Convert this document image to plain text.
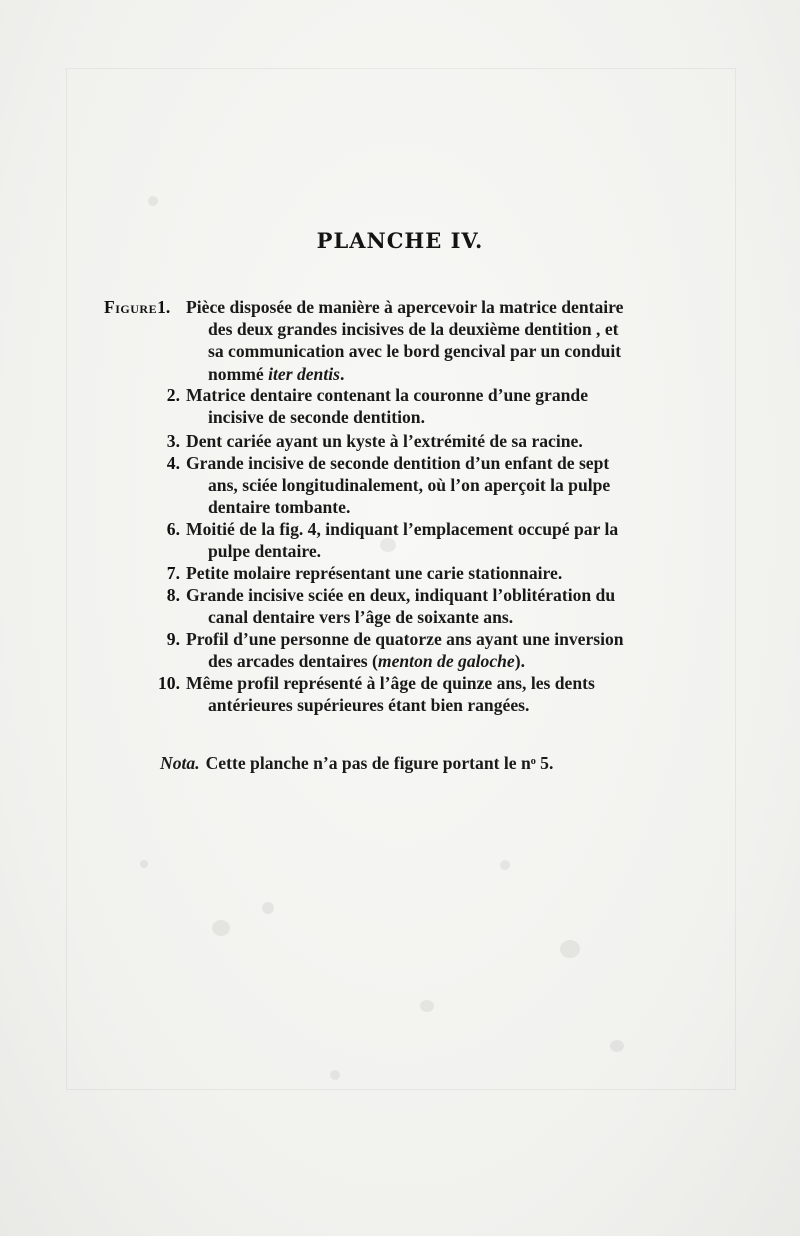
PLANCHE IV.
Figure1. Pièce disposée de manière à apercevoir la matrice dentaire
des deux grandes incisives de la deuxième dentition , et
sa communication avec le bord gencival par un conduit
nommé iter dentis.
2. Matrice dentaire contenant la couronne d’une grande
incisive de seconde dentition.
3. Dent cariée ayant un kyste à l’extrémité de sa racine.
4. Grande incisive de seconde dentition d’un enfant de sept
ans, sciée longitudinalement, où l’on aperçoit la pulpe
dentaire tombante.
6. Moitié de la fig. 4, indiquant l’emplacement occupé par la
pulpe dentaire.
7. Petite molaire représentant une carie stationnaire.
8. Grande incisive sciée en deux, indiquant l’oblitération du
canal dentaire vers l’âge de soixante ans.
9. Profil d’une personne de quatorze ans ayant une inversion
des arcades dentaires (menton de galoche).
10. Même profil représenté à l’âge de quinze ans, les dents
antérieures supérieures étant bien rangées.
Nota. Cette planche n’a pas de figure portant le nᵒ 5.
